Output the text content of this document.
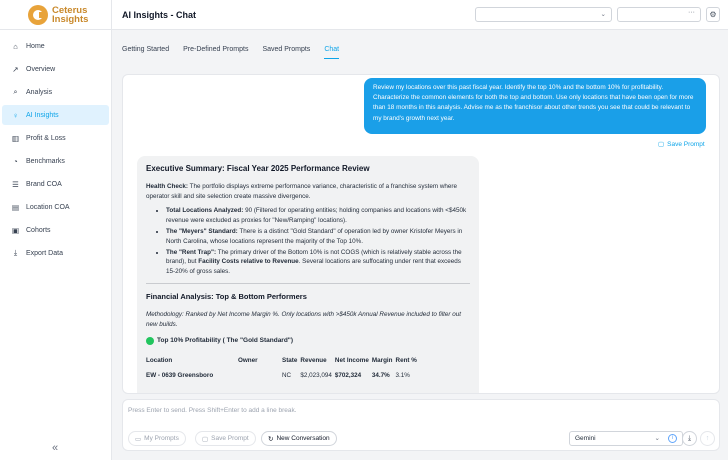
Ceterus
Insights
⌂	Home
↗ Overview
⌕	Analysis
♀ AI Insights
▥ Profit & Loss
◔	Benchmarks
☰ Brand COA
▤ Location COA
▣ Cohorts
⤓	Export Data
«
AI Insights - Chat	⌄	···	⚙
Getting Started Pre-Defined Prompts Saved Prompts Chat
Review my locations over this past fiscal year. Identify the top 10% and the bottom 10% for profitability. Characterize the common elements for both the top and bottom. Use only locations that have been open for more than 18 months in this analysis. Advise me as the franchisor about other trends you see that could be relevant to my brand's growth next year.
▢ Save Prompt
Executive Summary: Fiscal Year 2025 Performance Review

Health Check: The portfolio displays extreme performance variance, characteristic of a franchise system where operator skill and site selection create massive divergence.

• Total Locations Analyzed: 90 (Filtered for operating entities; holding companies and locations with <$450k revenue were excluded as proxies for "New/Ramping" locations).
• The "Meyers" Standard: There is a distinct "Gold Standard" of operation led by owner Kristofer Meyers in North Carolina, whose locations represent the majority of the Top 10%.
• The "Rent Trap": The primary driver of the Bottom 10% is not COGS (which is relatively stable across the brand), but Facility Costs relative to Revenue. Several locations are suffocating under rent that exceeds 15-20% of gross sales.
Financial Analysis: Top & Bottom Performers

Methodology: Ranked by Net Income Margin %. Only locations with >$450k Annual Revenue included to filter out new builds.

Top 10% Profitability ( The "Gold Standard")
Location	Owner	State	Revenue	Net Income	Margin	Rent %
EW - 0639 Greensboro		NC	$2,023,094	$702,324	34.7%	3.1%
Press Enter to send. Press Shift+Enter to add a line break.
▭ My Prompts	▢ Save Prompt	↻ New Conversation	Gemini	⌄	i	⤓	↑
